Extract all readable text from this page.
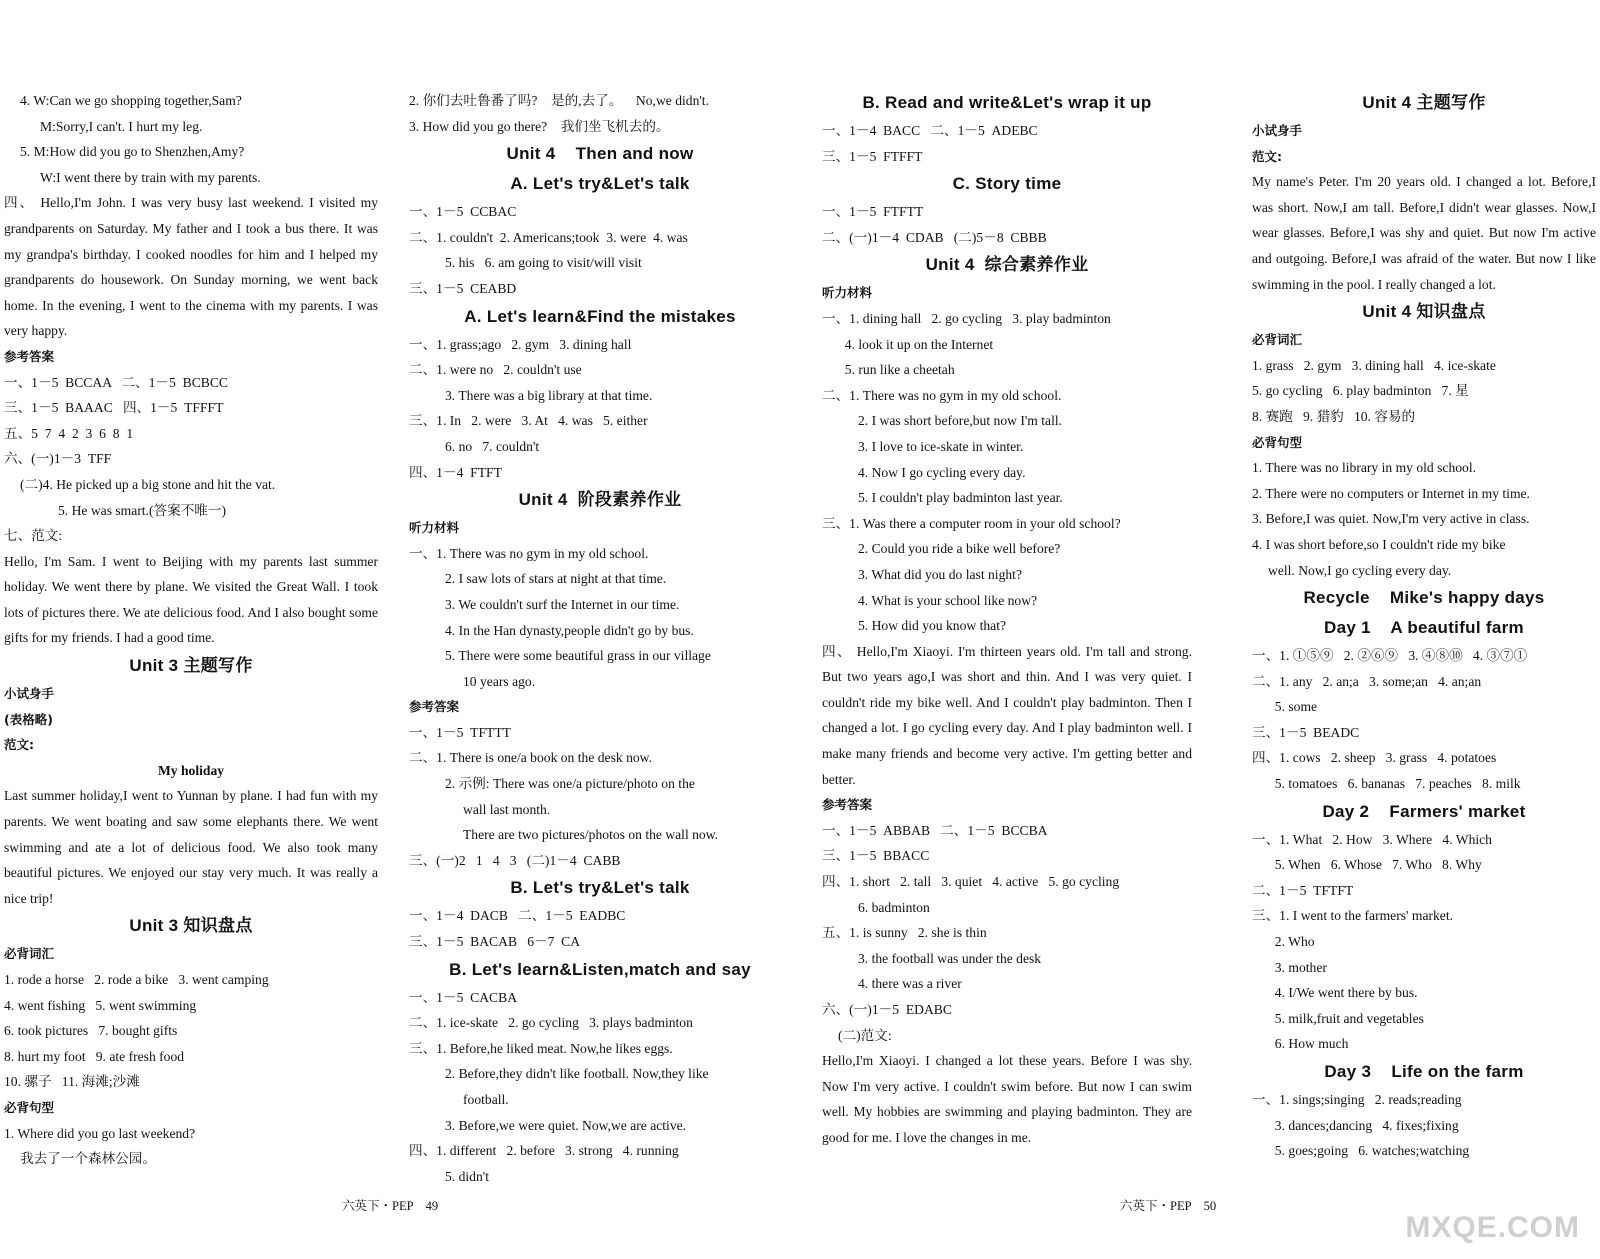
4. W:Can we go shopping together,Sam?
M:Sorry,I can't. I hurt my leg.
5. M:How did you go to Shenzhen,Amy?
W:I went there by train with my parents.
四、 Hello,I'm John. I was very busy last weekend. I visited my grandparents on Saturday. My father and I took a bus there. It was my grandpa's birthday. I cooked noodles for him and I helped my grandparents do housework. On Sunday morning, we went back home. In the evening, I went to the cinema with my parents. I was very happy.
参考答案
一、1－5  BCCAA   二、1－5  BCBCC
三、1－5  BAAAC   四、1－5  TFFFT
五、5  7  4  2  3  6  8  1
六、(一)1－3  TFF
(二)4. He picked up a big stone and hit the vat.
5. He was smart.(答案不唯一)
七、范文:
Hello, I'm Sam. I went to Beijing with my parents last summer holiday. We went there by plane. We visited the Great Wall. I took lots of pictures there. We ate delicious food. And I also bought some gifts for my friends. I had a good time.
Unit 3 主题写作
小试身手
(表格略)
范文:
My holiday
Last summer holiday,I went to Yunnan by plane. I had fun with my parents. We went boating and saw some elephants there. We went swimming and ate a lot of delicious food. We also took many beautiful pictures. We enjoyed our stay very much. It was really a nice trip!
Unit 3 知识盘点
必背词汇
1. rode a horse   2. rode a bike   3. went camping
4. went fishing   5. went swimming
6. took pictures   7. bought gifts
8. hurt my foot   9. ate fresh food
10. 骡子   11. 海滩;沙滩
必背句型
1. Where did you go last weekend?
我去了一个森林公园。
2. 你们去吐鲁番了吗?    是的,去了。    No,we didn't.
3. How did you go there?    我们坐飞机去的。
Unit 4    Then and now
A. Let's try&Let's talk
一、1－5  CCBAC
二、1. couldn't  2. Americans;took  3. were  4. was
5. his   6. am going to visit/will visit
三、1－5  CEABD
A. Let's learn&Find the mistakes
一、1. grass;ago   2. gym   3. dining hall
二、1. were no   2. couldn't use
3. There was a big library at that time.
三、1. In   2. were   3. At   4. was   5. either
6. no   7. couldn't
四、1－4  FTFT
Unit 4  阶段素养作业
听力材料
一、1. There was no gym in my old school.
2. I saw lots of stars at night at that time.
3. We couldn't surf the Internet in our time.
4. In the Han dynasty,people didn't go by bus.
5. There were some beautiful grass in our village
10 years ago.
参考答案
一、1－5  TFTTT
二、1. There is one/a book on the desk now.
2. 示例: There was one/a picture/photo on the
wall last month.
There are two pictures/photos on the wall now.
三、(一)2   1   4   3   (二)1－4  CABB
B. Let's try&Let's talk
一、1－4  DACB   二、1－5  EADBC
三、1－5  BACAB   6－7  CA
B. Let's learn&Listen,match and say
一、1－5  CACBA
二、1. ice-skate   2. go cycling   3. plays badminton
三、1. Before,he liked meat. Now,he likes eggs.
2. Before,they didn't like football. Now,they like
football.
3. Before,we were quiet. Now,we are active.
四、1. different   2. before   3. strong   4. running
5. didn't
B. Read and write&Let's wrap it up
一、1－4  BACC   二、1－5  ADEBC
三、1－5  FTFFT
C. Story time
一、1－5  FTFTT
二、(一)1－4  CDAB   (二)5－8  CBBB
Unit 4  综合素养作业
听力材料
一、1. dining hall   2. go cycling   3. play badminton
4. look it up on the Internet
5. run like a cheetah
二、1. There was no gym in my old school.
2. I was short before,but now I'm tall.
3. I love to ice-skate in winter.
4. Now I go cycling every day.
5. I couldn't play badminton last year.
三、1. Was there a computer room in your old school?
2. Could you ride a bike well before?
3. What did you do last night?
4. What is your school like now?
5. How did you know that?
四、 Hello,I'm Xiaoyi. I'm thirteen years old. I'm tall and strong. But two years ago,I was short and thin. And I was very quiet. I couldn't ride my bike well. And I couldn't play badminton. Then I changed a lot. I go cycling every day. And I play badminton well. I make many friends and become very active. I'm getting better and better.
参考答案
一、1－5  ABBAB   二、1－5  BCCBA
三、1－5  BBACC
四、1. short   2. tall   3. quiet   4. active   5. go cycling
6. badminton
五、1. is sunny   2. she is thin
3. the football was under the desk
4. there was a river
六、(一)1－5  EDABC
(二)范文:
Hello,I'm Xiaoyi. I changed a lot these years. Before I was shy. Now I'm very active. I couldn't swim before. But now I can swim well. My hobbies are swimming and playing badminton. They are good for me. I love the changes in me.
Unit 4 主题写作
小试身手
范文:
My name's Peter. I'm 20 years old. I changed a lot. Before,I was short. Now,I am tall. Before,I didn't wear glasses. Now,I wear glasses. Before,I was shy and quiet. But now I'm active and outgoing. Before,I was afraid of the water. But now I like swimming in the pool. I really changed a lot.
Unit 4 知识盘点
必背词汇
1. grass   2. gym   3. dining hall   4. ice-skate
5. go cycling   6. play badminton   7. 星
8. 赛跑   9. 猎豹   10. 容易的
必背句型
1. There was no library in my old school.
2. There were no computers or Internet in my time.
3. Before,I was quiet. Now,I'm very active in class.
4. I was short before,so I couldn't ride my bike
well. Now,I go cycling every day.
Recycle    Mike's happy days
Day 1    A beautiful farm
一、1. ①⑤⑨   2. ②⑥⑨   3. ④⑧⑩   4. ③⑦①
二、1. any   2. an;a   3. some;an   4. an;an
5. some
三、1－5  BEADC
四、1. cows   2. sheep   3. grass   4. potatoes
5. tomatoes   6. bananas   7. peaches   8. milk
Day 2    Farmers' market
一、1. What   2. How   3. Where   4. Which
5. When   6. Whose   7. Who   8. Why
二、1－5  TFTFT
三、1. I went to the farmers' market.
2. Who
3. mother
4. I/We went there by bus.
5. milk,fruit and vegetables
6. How much
Day 3    Life on the farm
一、1. sings;singing   2. reads;reading
3. dances;dancing   4. fixes;fixing
5. goes;going   6. watches;watching
六英下・PEP    49	六英下・PEP    50
MXQE.COM
